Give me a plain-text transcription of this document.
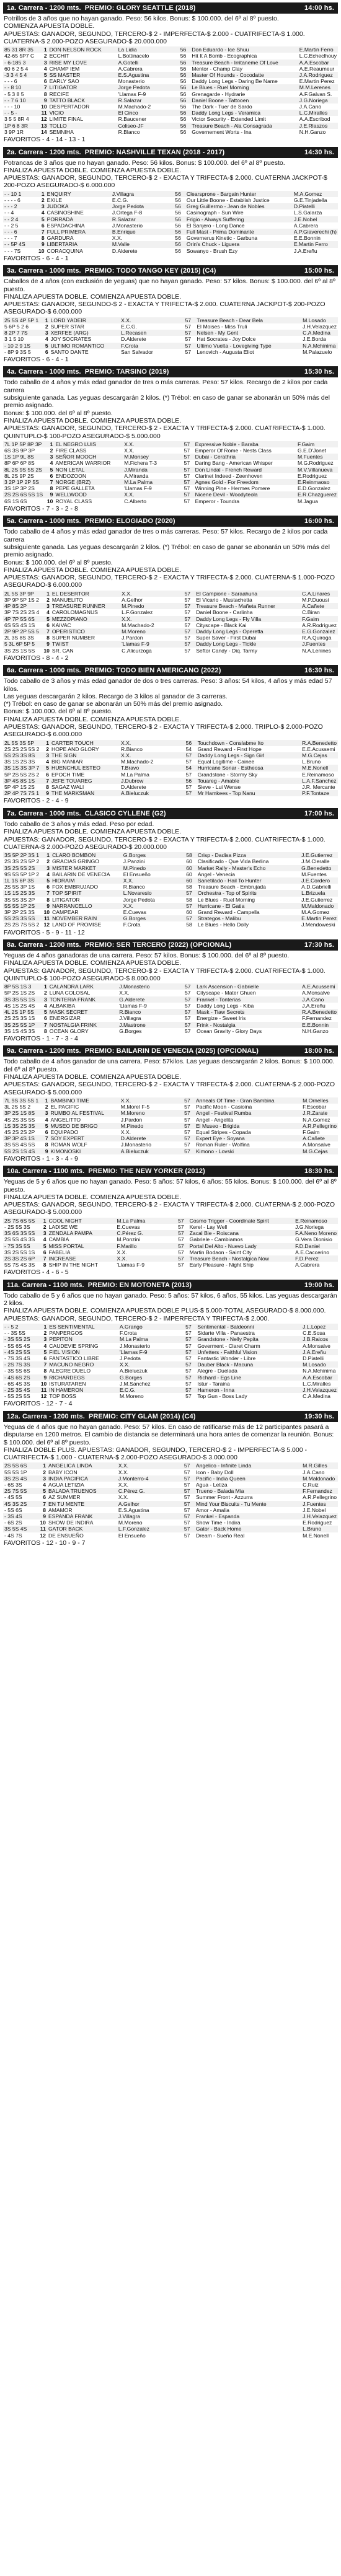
1a. Carrera - 1200 mts. PREMIO: GLORY SEATTLE (2018)	14:00 hs.
Potrillos de 3 años que no hayan ganado. Peso: 56 kilos. Bonus: $ 100.000. del 6º al 8º puesto.
COMIENZA APUESTA DOBLE.
APUESTAS: GANADOR, SEGUNDO, TERCERO-$ 2 - IMPERFECTA-$ 2.000 - CUATRIFECTA-$ 1.000. CUATERNA-$ 2.000-POZO ASEGURADO-$ 20.000.000
85 31 8R 35	1	DON NELSON ROCK	La Lidia	56	Don Eduardo - Ice Shuu	E.Martin Ferro
42-65 5P7 C	2	ECCHIT	L.Bottinacelo	56	Hit It A Bomb - Ecographica	L.C.Echeclhouy
- 6-185 3	3	RISE MY LOVE	A.Gotelli	56	Treasure Beach - Irritaneme Of Love	A.A.Escobar
60 6 2 5 4	4	CHAMP IEM	A.Cabrera	56	Mentor - Champ Clay	A.E.Reaumeur
-3 3 4 5 4	5	SS MASTER	E.S.Agustina	56	Master Of Hounds - Cocodatte	J.A.Rodriguez
- - - 6	6	EARLY SAO	Monasterio	56	Daddy Long Legs - Daring Be Name	E.Martin Perez
- - 8 10	7	LITIGATOR	Jorge Pedota	56	Le Blues - Ruel Morning	M.M.Lerenes
- 5 3 8 5	8	RECIFE	'Llamas F-9	56	Grenagarde - Hydrarie	A.F.Galvan S.
- - 7 6 10	9	TATTO BLACK	R.Salazar	56	Daniel Boone - Tattooen	J.G.Noriega
- - - 10	10	DESPERTADOR	M.Machado-2	56	The Dark - Tuer de Sardo	J.A.Cano
- - 5 -	11	VICIO	El Cinco	56	Daddy Long Legs - Veramica	L.C.Miralles
3 5 5 8R 4	12	LIMITE FINAL	R.Baucener	56	Victor Security - Extended Limit	A.A.Escribod
1P 6 8 3R	13	TOLLO	Coliseo-JF	56	Treasure Beach - Ala Consagrada	J.E.Rlaszos
3 9P 1R	14	SEMNIHA	R.Blanco	56	Governement Worts - Ina	N.H.Ganzo
FAVORITOS - 4 - 14 - 13 - 1
2a. Carrera - 1200 mts. PREMIO: NASHVILLE TEXAN (2018 - 2017)	14:30 hs.
Potrancas de 3 años que no hayan ganado. Peso: 56 kilos. Bonus: $ 100.000. del 6º al 8º puesto.
FINALIZA APUESTA DOBLE. COMIENZA APUESTA DOBLE.
APUESTAS: GANADOR, SEGUNDO, TERCERO-$ 2 - EXACTA Y TRIFECTA-$ 2.000. CUATERNA JACKPOT-$ 200-POZO ASEGURADO-$ 6.000.000
- - 10 1	1	ENQUIRY	J.Villagra	56	Clearsprone - Bargain Hunter	M.A.Gomez
- - - - 6	2	EXILE	E.C.G.	56	Our Little Boone - Establish Justice	G.E.Tinjadella
- - - 2	3	JUDOKA	Jorge Pedota	56	Greg Guillermo - Jean de Nobles	D.Piatelli
- - 4	4	CASINOSHINE	J.Ortega F-8	56	Casinograph - Sun Wire	L.S.Galarza
- - 2 4	5	PORRADA	R.Salazar	56	Frigio - Always Suffering	J.E.Nobel
- - 2 5	6	ESPADACHINA	J.Monasterio	56	El Sanjero - Long Dance	A.Cabrera
- - - 6	7	FULL PRIMERA	B.Enrique	56	Full Mast - Prima Dominante	A.P.Giaverechi (h)
- - - 7	8	GARDURA	X.X.	56	Governerus Kinetic - Garbuna	E.E.Bonnin
- - 5P 4S	9	LIBERTARIA	M.Valle	56	Orin's Chuck - Liguera	E.Martin Ferro
- - - 7S	10	CORACQUINA	D.Alderete	56	Sowanyo - Brush Ezy	J.A.Ereñu
FAVORITOS - 6 - 4 - 1
3a. Carrera - 1000 mts. PREMIO: TODO TANGO KEY (2015) (C4)	15:00 hs.
Caballos de 4 años (con exclusión de yeguas) que no hayan ganado. Peso: 57 kilos. Bonus: $ 100.000. del 6º al 8º puesto.
FINALIZA APUESTA DOBLE. COMIENZA APUESTA DOBLE.
APUESTAS: GANADOR, SEGUNDO-$ 2 - EXACTA Y TRIFECTA-$ 2.000. CUATERNA JACKPOT-$ 200-POZO ASEGURADO-$ 6.000.000
25 5S 4P 5P 1	1	LORD YADEIR	X.X.	57	Treasure Beach - Dear Bela	M.Losado
5 6P 5 2 6	2	SUPER STAR	E.C.G.	57	El Moises - Miss Truli	J.H.Velazquez
8 2P 7 7S	3	XERFEE (ARG)	L.Recasen	57	Nelsen - My Gent	C.A.Medina
3 1 5 10	4	JOY SOCRATES	D.Alderete	57	Hat Socrates - Joy Dolce	J.E.Borda
- 10 2 9 1S	5	ULTIMO ROMANTICO	F.Crota	57	Ultimo Vuelta - Lovegiving Type	N.A.Mchinima
- 8P 9 3S 5	6	SANTO DANTE	San Salvador	57	Lenovich - Augusta Eliot	M.Palazuelo
FAVORITOS - 6 - 4 - 1
4a. Carrera - 1000 mts. PREMIO: TARSINO (2019)	15:30 hs.
Todo caballo de 4 años y más edad ganador de tres o más carreras. Peso: 57 kilos. Recargo de 2 kilos por cada carrera
subsiguiente ganada. Las yeguas descargarán 2 kilos. (*) Trébol: en caso de ganar se abonarán un 50% más del premio asignado.
Bonus: $ 100.000. del 6º al 8º puesto.
FINALIZA APUESTA DOBLE. COMIENZA APUESTA DOBLE.
APUESTAS: GANADOR, SEGUNDO, TERCERO-$ 2 - EXACTA Y TRIFECTA-$ 2.000. CUATRIFECTA-$ 1.000. QUINTUPLO-$ 100-POZO ASEGURADO-$ 5.000.000
7L 1P 5P 8P 3P	1	EL NEGRO LUIS	X.X.	57	Expressive Noble - Baraba	F.Gaim
6S 3S 9P 3P	2	FIRE CLASS	X.X.	57	Emperor Of Rome - Nests Class	G.E.D'Jonet
1S 1P 9L 8S	3	SEÑOR MOOCH	M.Monsey	57	Dubai - Cerathria	M.Fuentes
8P 6P 6P 8S	4	AMERICAN WARRIOR	M.Fichera T-3	57	Daring Bang - American Whisper	M.G.Rodriguez
8L 2S 9S 5S 2S	5	NON LETAL	J.Miranda	57	Don Lindal - French Reward	M.V.Villanueva
8L 2S 9P 2S	6	ENDOZOON	A.Miranda	57	Clarinet Indeed - Zeenhoven	E.Rodriguez
3 2P 1P 2P 5S	7	NORGE (BRZ)	M.La Palma	57	Agnes Gold - For Freedom	E.Reinmaoso
3S 1P 3P 2S	8	PEPE GALLETA	'Llamas F-9	57	Winning Pine - Hermes Pomere	E.D.Gonzalez
2S 2S 6S 5S 1S	9	WELLWOOD	X.X.	57	Nicene Devil - Woodyteola	E.R.Chazguerez
6S 1S 6S	10	ROYAL CLASS	C.Alberto	57	Emperor - Toundra	M.Jagua
FAVORITOS - 7 - 3 - 2 - 8
5a. Carrera - 1000 mts. PREMIO: ELOGIADO (2020)	16:00 hs.
Todo caballo de 4 años y más edad ganador de tres o más carreras. Peso: 57 kilos. Recargo de 2 kilos por cada carrera
subsiguiente ganada. Las yeguas descargarán 2 kilos. (*) Trébol: en caso de ganar se abonarán un 50% más del premio asignado.
Bonus: $ 100.000. del 6º al 8º puesto.
FINALIZA APUESTA DOBLE. COMIENZA APUESTA DOBLE.
APUESTAS: GANADOR, SEGUNDO, TERCERO-$ 2 - EXACTA Y TRIFECTA-$ 2.000. CUATERNA-$ 1.000-POZO ASEGURADO-$ 6.000.000
2L 5S 3P 9P	1	EL DESERTOR	X.X.	57	El Campione - Saraahuna	C.A.Linares
3P 9P 5P 1S 2	2	MANUELITO	A.Gelhor	57	El Vicario - Mustachetta	M.P.Duousi
4P 8S 2P	3	TREASURE RUNNER	M.Pinedo	57	Treasure Beach - Mañeta Runner	A.Cañete
3P 7S 2S 2S 4	4	CAROLOMAGNUS	L.F.Gonzalez	57	Daniel Boone - Carlinha	C.Biran
4P 7P 5S 6S	5	MEZZOPIANO	X.X.	57	Daddy Long Legs - Fly Villa	F.Gaim
6S 5S 4S 1S	6	KAIVAC	M.Machado-2	57	Cityscape - Black Kai	A.R.Rodriguez
2P 9P 2P 5S 5	7	OPERISTICO	M.Moreno	57	Daddy Long Legs - Operetta	E.G.Gonzalez
2L 3S 8S 3S	8	SUPER NUMBER	J.Pardon	57	Super Saver - First Dubai	R.A.Quiroga
5 3L 6P 5P 5	9	TWIST	'Llamas F-9	57	Daddy Long Legs - Tickle	J.Fuentes
3S 2S 1S 5S	10	SR. CAN	C.Alicurzoga	57	Seftor Candy - Diq. Tarmy	N.A.Lenines
FAVORITOS - 8 - 4 - 2
6a. Carrera - 1000 mts. PREMIO: TODO BIEN AMERICANO (2022)	16:30 hs.
Todo caballo de 3 años y más edad ganador de dos o tres carreras. Peso: 3 años: 54 kilos, 4 años y más edad 57 kilos.
Las yeguas descargarán 2 kilos. Recargo de 3 kilos al ganador de 3 carreras.
(*) Trébol: en caso de ganar se abonarán un 50% más del premio asignado.
Bonus: $ 100.000. del 6º al 8º puesto.
FINALIZA APUESTA DOBLE. COMIENZA APUESTA DOBLE.
APUESTAS: GANADOR, SEGUNDO, TERCERO-$ 2 - EXACTA Y TRIFECTA-$ 2.000. TRIPLO-$ 2.000-POZO ASEGURADO-$ 6.000.000
2L 5S 3S 5P	1	CARTER TOUCH	X.X.	56	Touchdown - Conslabme Ito	R.A.Benedetto
2S 2S 2S 5S 2	2	HOPE AND GLORY	R.Bianco	54	Grand Reward - First Hope	E.E.Acussemi
5S 2S 3S 8S	3	THE SIGN	X.X.	57	Daddy Long Legs - Sign Girl	M.G.Cejas
3S 1S 2S 3S	4	BIG MANIAR	M.Machado-2	57	Equal Logitime - Cainee	L.Bruno
3S 1S 3S 3P 7	5	HUENCHUL ESTEO	T.Bravo	54	Hurricane Sonar - Estheosa	M.E.Nonell
5P 2S 5S 2S 2	6	EPOCH TIME	M.La Palma	57	Grandstone - Stormy Sky	E.Reinamoso
3P 4S 8S 1S	7	JEFE TOUAREG	J.Dubrow	56	Touareg - Amable	L.A.F.Sanchez
5P 4P 1S 2S	8	SAGAZ WALI	D.Alderete	57	Sieve - Lui Wense	J.R. Mercante
2P 4P 7S 7S 1	9	THE MARKSMAN	A.Bieluczuk	57	Mr Hamkees - Top Nanu	P.F.Tontaze
FAVORITOS - 2 - 4 - 9
7a. Carrera - 1000 mts. CLASICO CYLLENE (G2)	17:00 hs.
Todo caballo de 3 años y más edad. Peso por edad.
FINALIZA APUESTA DOBLE. COMIENZA APUESTA DOBLE.
APUESTAS: GANADOR, SEGUNDO, TERCERO-$ 2 - EXACTA Y TRIFECTA-$ 2.000. CUATRIFECTA-$ 1.000. CUATERNA-$ 2.000-POZO ASEGURADO-$ 20.000.000
3S 5P 2P 3S 1	1	CLARO BOMBON	G.Borges	58	Crisp - Dadisa Pizza	J.E.Gutierrez
2S 3S 2S 5P 2	2	GRACIAS GRINGO	J.Panzini	60	Clasificado - Que Vida Berlina	J.M.Cleralle
3S 2S 5S 2S	3	MISTER MARKET	M.Pinedo	60	Market Rally - Master's Echo	G.Benedetto
9S 5S 5P 1P 2	4	BAILARIN DE VENECIA	El Ensueño	60	Angel - Venecia	M.Fuentes
1L 1S 6P 3S	5	HIDRAIM	X.X.	60	Sanetilado - Hail To Hunter	J.E.Cordero
2S 5S 3P 1S	6	FOX EMBRUJADO	R.Bianco	58	Treasure Beach - Embrujada	A.D.Gabrielli
1S 1S 2S 3S	7	TOP SPIRIT	L.Novaresio	57	Orchestra - Top of Spirits	L.Brizuela
3S 5S 3S 2P	8	LITIGATOR	Jorge Pedota	58	Le Blues - Ruel Morning	J.E.Gutierrez
5S 5S 1P 2S	9	NARRANCELLO	X.X.	57	Hurricane - El Gatia	M.Maldonado
3P 2P 2S 3S	10	CAMPEAR	E.Cuevas	60	Grand Reward - Campella	M.A.Gomez
5S 2S 3S 5S	11	NOVEMBER RAIN	G.Borges	57	Strategos - Malibu	E.Martin Perez
2S 2S 7S 5S 2	12	LAND OF PROMISE	F.Crota	58	Le Blues - Hello Dolly	J.Mendoweski
FAVORITOS - 5 - 9 - 11 - 12
8a. Carrera - 1200 mts. PREMIO: SER TERCERO (2022) (OPCIONAL)	17:30 hs.
Yeguas de 4 años ganadoras de una carrera. Peso: 57 kilos. Bonus: $ 100.000. del 6º al 8º puesto.
FINALIZA APUESTA DOBLE. COMIENZA APUESTA DOBLE.
APUESTAS: GANADOR, SEGUNDO, TERCERO-$ 2 - EXACTA Y TRIFECTA-$ 2.000. CUATRIFECTA-$ 1.000. QUINTUPLO-$ 100-POZO ASEGURADO-$ 8.000.000
8P 5S 1S 3	1	CALANDRA LARK	J.Monasterio	57	Lark Ascension - Gabrielle	A.E.Acussemi
5P 2S 1S 2S	2	LUNA COLOSAL	X.X.	57	Cityscape - Mater Ghuen	A.Monsalve
3S 3S 5S 1S	3	TONTERIA FRANK	G.Alderete	57	Frankel - Tonterias	J.A.Cano
4S 1S 2S 4S	4	ALBAKIBA	'Llamas F-9	57	Daddy Long Legs - Kiba	J.A.Ereñu
4L 2S 1P 5S	5	MASK SECRET	R.Bianco	57	Mask - Tiaw Secrets	R.A.Benedetto
2S 2S 3S 1S	6	ENERGIZAR	J.Villagra	57	Energize - Sweet Iris	F.Fernandez
3S 2S 5S 1P	7	NOSTALGIA FRINK	J.Mastrone	57	Frink - Nostalgia	E.E.Bonnin
3S 1S 4S 3S	8	OCEAN GLORY	G.Borges	57	Ocean Gravity - Glory Days	N.H.Ganzo
FAVORITOS - 1 - 7 - 3 - 4
9a. Carrera - 1200 mts. PREMIO: BAILARIN DE VENECIA (2025) (OPCIONAL)	18:00 hs.
Todo caballo de 4 años ganador de una carrera. Peso: 57kilos. Las yeguas descargarán 2 kilos. Bonus: $ 100.000. del 6º al 8º puesto.
FINALIZA APUESTA DOBLE. COMIENZA APUESTA DOBLE.
APUESTAS: GANADOR, SEGUNDO, TERCERO-$ 2 - EXACTA Y TRIFECTA-$ 2.000. CUATERNA-$ 2.000-POZO ASEGURADO-$ 5.000.000
7L 9S 3S 5S 1	1	BAMBINO TIME	X.X.	57	Anneals Of Time - Gran Bambina	M.Ornelles
3L 2S 5S 2	2	EL PACIFIC	M.Morel F-5	57	Pacific Moon - Casioina	F.Escobar
3P 2S 1S 8S	3	RUMBO AL FESTIVAL	M.Moreno	57	Angel - Festival Rumba	J.R.Zarate
4S 2S 3S 5S	4	ANGELITTO	J.Pardon	57	Angel - Angelita	N.A.Gomez
1S 3S 2S 3S	5	MUSEO DE BRIGO	M.Pinedo	57	El Museo - Brigida	A.R.Pellegrino
4S 2S 2S 2P	6	EQUIPADO	X.X.	57	Equal Stripes - Copada	F.Gaim
3P 3P 4S 1S	7	SOY EXPERT	D.Alderete	57	Expert Eye - Soyana	A.Cañete
3S 5S 4S 5S	8	ROMAN WOLF	J.Monasterio	57	Roman Ruler - Wolfina	A.Monsalve
5S 2S 1S 4S	9	KIMONOSKI	A.Bieluczuk	57	Kimono - Lovski	M.G.Cejas
FAVORITOS - 1 - 3 - 4 - 9
10a. Carrera - 1100 mts. PREMIO: THE NEW YORKER (2012)	18:30 hs.
Yeguas de 5 y 6 años que no hayan ganado. Peso: 5 años: 57 kilos, 6 años: 55 kilos. Bonus: $ 100.000. del 6º al 8º puesto.
FINALIZA APUESTA DOBLE. COMIENZA APUESTA DOBLE.
APUESTAS: GANADOR, SEGUNDO, TERCERO-$ 2 - EXACTA Y TRIFECTA-$ 2.000. CUATERNA-$ 2.000-POZO ASEGURADO-$ 5.000.000
2S 7S 6S 5S	1	COOL NIGHT	M.La Palma	57	Cosmo Trigger - Coordinate Spirit	E.Reinamoso
- 2S 5S 3S	2	LADISE WE	E.Cuevas	57	Kerel - Lay Well	J.G.Noriega
3S 6S 3S 5S	3	ZENDALA PAMPA	C.Pérez G.	57	Zacal Bie - Roiscana	F.A.Neno Moreno
2S 5S 4S 3S	4	CAMBIA	M.Ponzini	57	Gabriele - Cambiamos	G.Vera Dionisio
- 7S 3S 5S	5	MISS PORTAL	F.Marillo	57	Portal Del Alto - Nuevo Lady	F.D.Daniel
3S 2S 5S 1S	6	FABELIA	X.X.	57	Martin Bodaon - Saint City	A.E.Caccerino
2S 3S 2S 6P	7	INCREASE	X.X.	57	Treasure Beach - Nostalgica Now	F.D.Perez
5S 7S 4S 3S	8	SHIP IN THE NIGHT	'Llamas F-9	57	Early Pleasure - Night Ship	A.Cabrera
FAVORITOS - 4 - 6 - 5
11a. Carrera - 1100 mts. PREMIO: EN MOTONETA (2013)	19:00 hs.
Todo caballo de 5 y 6 años que no hayan ganado. Peso: 5 años: 57 kilos, 6 años, 55 kilos. Las yeguas descargarán 2 kilos.
FINALIZA APUESTA DOBLE. COMIENZA APUESTA DOBLE PLUS-$ 5.000-TOTAL ASEGURADO-$ 8.000.000. APUESTAS: GANADOR, SEGUNDO, TERCERO-$ 2 - IMPERFECTA Y TRIFECTA-$ 2.000.
- - 5 2	1	ES SENTIMENTAL	A.Grango	57	Sentimental - Baldeonni	J.L.Lopez
- - 3S 5S	2	PANPERGOS	F.Crota	57	Sidarte Villa - Panaestra	C.E.Sosa
- 3S 5S 2S	3	PEPITON	M.La Palma	57	Grandstone - Nelly Pepita	J.B.Raicos
- 5S 6S 4S	4	CAUDEVIE SPRING	J.Monasterio	57	Goverment - Claret Charm	A.Monsalve
- 4S 2S 5S	5	FIEL VISION	'Llamas F-9	57	Unfetters - Faithful Vision	J.A.Ereñu
- 7S 3S 4S	6	FANTASTICO LIBRE	J.Pedota	57	Fantastic Wonder - Libre	D.Piatelli
- 2S 7S 3S	7	MACUNO NEGRO	X.X.	57	Dauber Black - Macuna	M.Losado
- 3S 5S 6S	8	ALEGRE DUELO	A.Bieluczuk	57	Alegre - Duelada	N.A.Mchinima
- 4S 6S 2S	9	RICHARDEGS	G.Borges	57	Richard - Egs Line	A.A.Escobar
- 6S 4S 3S	10	ISTURATAREN	J.M.Sanchez	57	Istur - Taraina	L.C.Miralles
- 2S 3S 4S	11	IN HAMERON	E.C.G.	57	Hameron - Inna	J.H.Velazquez
- 5S 2S 5S	12	TOP BOSS	M.Moreno	57	Top Gun - Boss Lady	C.A.Medina
FAVORITOS - 12 - 7 - 4
12a. Carrera - 1200 mts. PREMIO: CITY GLAM (2014) (C4)	19:30 hs.
Yeguas de 4 años que no hayan ganado. Peso: 57 kilos. En caso de ratificarse más de 12 participantes pasará a disputarse en 1200 metros. El cambio de distancia se determinará una hora antes de comenzar la reunión. Bonus: $ 100.000. del 6º al 8º puesto.
FINALIZA DOBLE PLUS. APUESTAS: GANADOR, SEGUNDO, TERCERO-$ 2 - IMPERFECTA-$ 5.000 - CUATRIFECTA-$ 1.000 - CUATERNA-$ 2.000-POZO ASEGURADO-$ 3.000.000
2S 5S 6S	1	ANGELICA LINDA	X.X.	57	Angelico - Infinite Linda	M.R.Gilles
5S 5S 1P	2	BABY ICON	X.X.	57	Icon - Baby Doll	J.A.Cano
3S 2S 4S	3	INDIA PACIFICA	J.Monterro-4	57	Pacific - India Queen	M.Maldonado
- 6S 3S	4	AGUA LETIZIA	X.X.	57	Agua - Letiza	C.Ruiz
2S 7S 5S	5	BALADA TRUENOS	C.Pérez G.	57	Trueno - Balada Mia	F.Fernandez
- 4S 5S	6	AZ SUMMER	X.X.	57	Summer Front - Azzurra	A.R.Pellegrino
4S 3S 2S	7	EN TU MENTE	A.Gelhor	57	Mind Your Biscuits - Tu Mente	J.Fuentes
- 5S 6S	8	AMAMOR	E.S.Agustina	57	Amor - Amalia	J.E.Nobel
- 3S 4S	9	ESPANDA FRANK	J.Villagra	57	Frankel - Espanda	J.H.Velazquez
- 6S 2S	10	SHOW DE INDIRA	M.Moreno	57	Show Time - Indira	E.Rodriguez
3S 5S 4S	11	GATOR BACK	L.F.Gonzalez	57	Gator - Back Home	L.Bruno
- 4S 7S	12	DE ENSUEÑO	El Ensueño	57	Dream - Sueño Real	M.E.Nonell
FAVORITOS - 12 - 10 - 9 - 7
